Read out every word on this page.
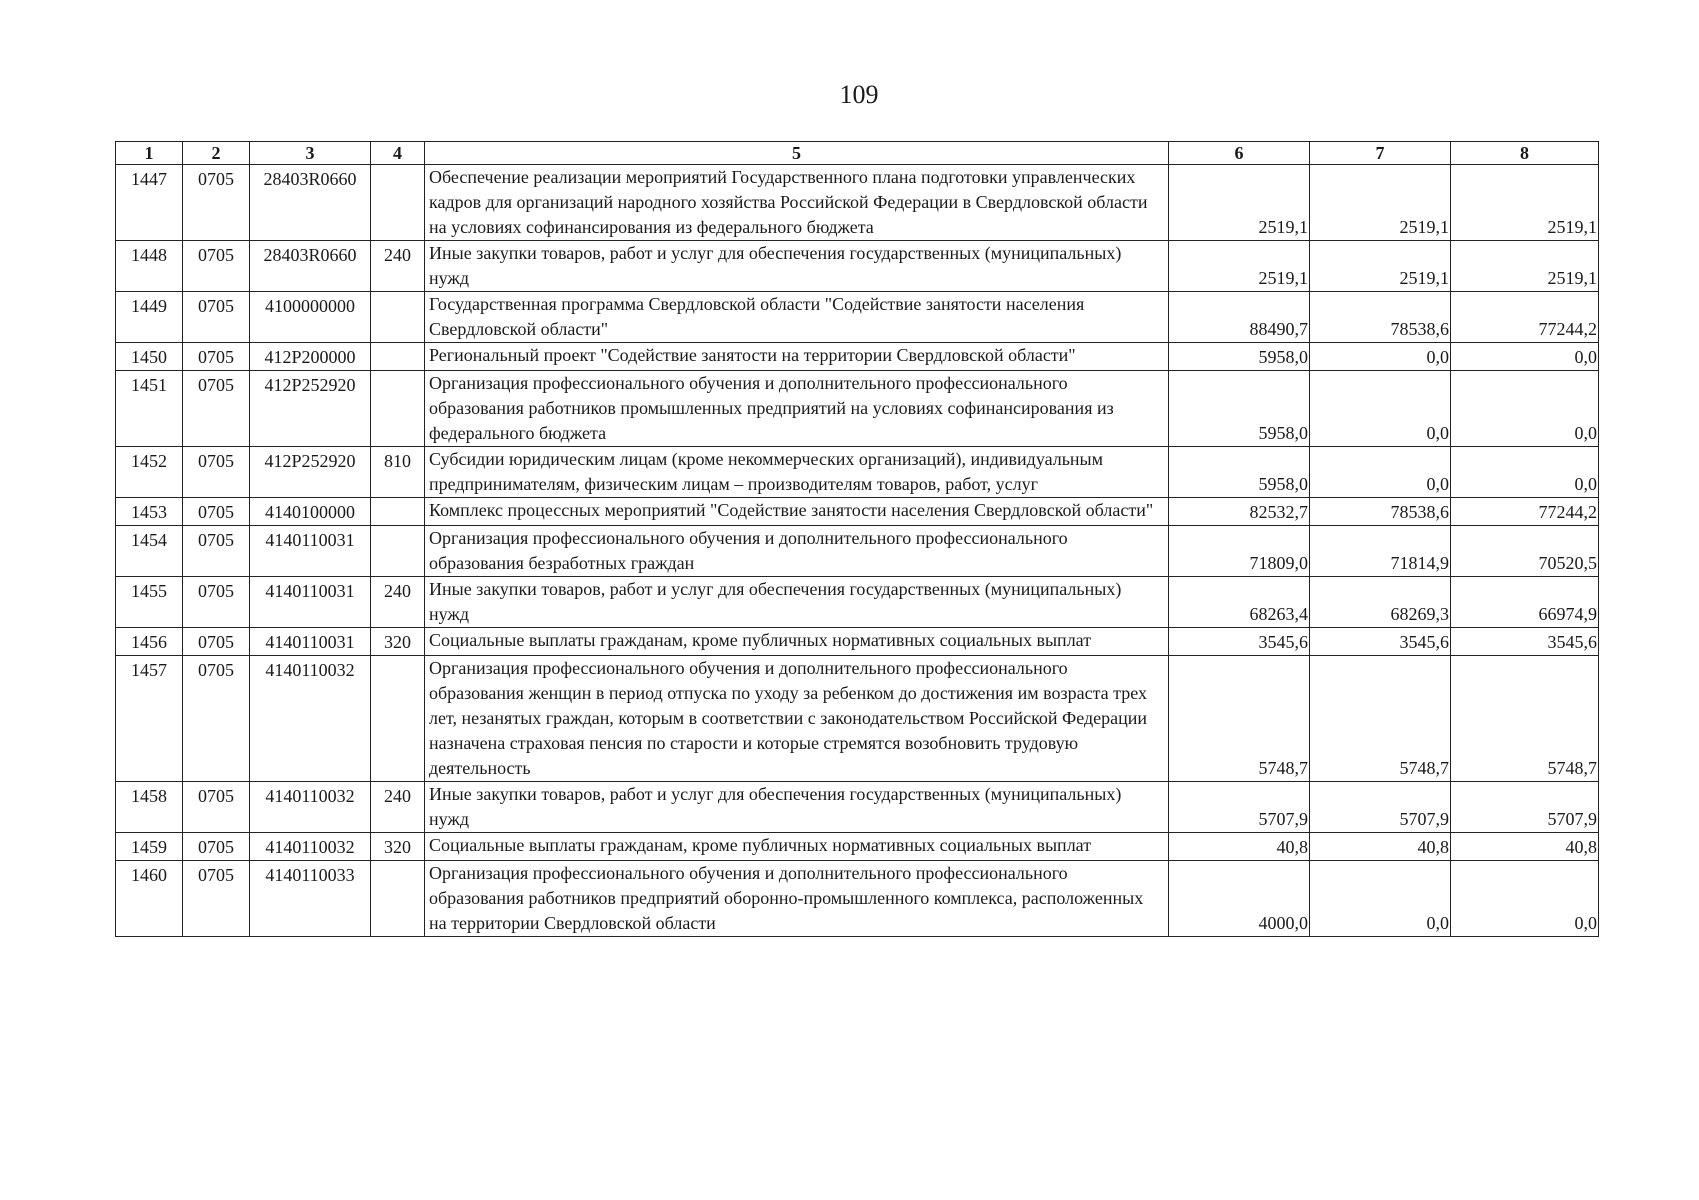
109
1	2	3	4	5	6	7	8
1447	0705	28403R0660		Обеспечение реализации мероприятий Государственного плана подготовки управленческих кадров для организаций народного хозяйства Российской Федерации в Свердловской области на условиях софинансирования из федерального бюджета	2519,1	2519,1	2519,1
1448	0705	28403R0660	240	Иные закупки товаров, работ и услуг для обеспечения государственных (муниципальных) нужд	2519,1	2519,1	2519,1
1449	0705	4100000000		Государственная программа Свердловской области "Содействие занятости населения Свердловской области"	88490,7	78538,6	77244,2
1450	0705	412P200000		Региональный проект "Содействие занятости на территории Свердловской области"	5958,0	0,0	0,0
1451	0705	412P252920		Организация профессионального обучения и дополнительного профессионального образования работников промышленных предприятий на условиях софинансирования из федерального бюджета	5958,0	0,0	0,0
1452	0705	412P252920	810	Субсидии юридическим лицам (кроме некоммерческих организаций), индивидуальным предпринимателям, физическим лицам – производителям товаров, работ, услуг	5958,0	0,0	0,0
1453	0705	4140100000		Комплекс процессных мероприятий "Содействие занятости населения Свердловской области"	82532,7	78538,6	77244,2
1454	0705	4140110031		Организация профессионального обучения и дополнительного профессионального образования безработных граждан	71809,0	71814,9	70520,5
1455	0705	4140110031	240	Иные закупки товаров, работ и услуг для обеспечения государственных (муниципальных) нужд	68263,4	68269,3	66974,9
1456	0705	4140110031	320	Социальные выплаты гражданам, кроме публичных нормативных социальных выплат	3545,6	3545,6	3545,6
1457	0705	4140110032		Организация профессионального обучения и дополнительного профессионального образования женщин в период отпуска по уходу за ребенком до достижения им возраста трех лет, незанятых граждан, которым в соответствии с законодательством Российской Федерации назначена страховая пенсия по старости и которые стремятся возобновить трудовую деятельность	5748,7	5748,7	5748,7
1458	0705	4140110032	240	Иные закупки товаров, работ и услуг для обеспечения государственных (муниципальных) нужд	5707,9	5707,9	5707,9
1459	0705	4140110032	320	Социальные выплаты гражданам, кроме публичных нормативных социальных выплат	40,8	40,8	40,8
1460	0705	4140110033		Организация профессионального обучения и дополнительного профессионального образования работников предприятий оборонно-промышленного комплекса, расположенных на территории Свердловской области	4000,0	0,0	0,0
